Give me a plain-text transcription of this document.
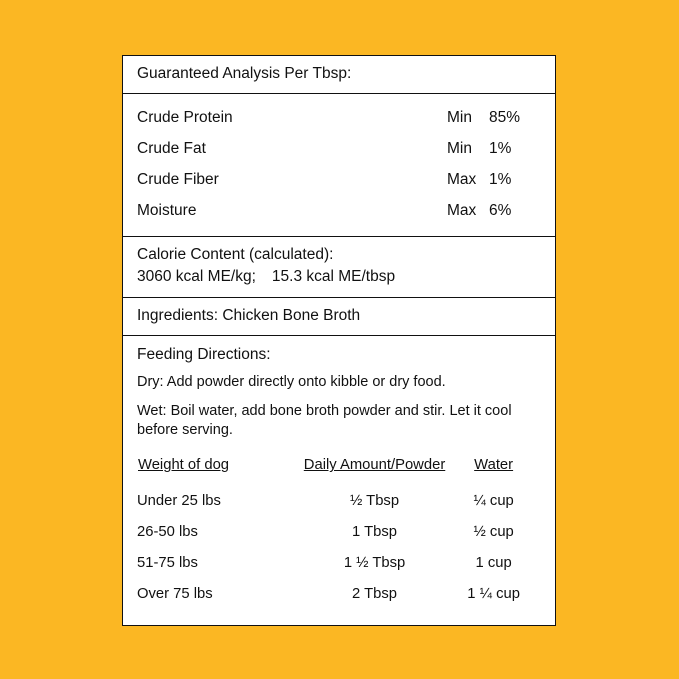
Guaranteed Analysis Per Tbsp:
Crude Protein	Min	85%
Crude Fat	Min	1%
Crude Fiber	Max 1%
Moisture	Max 6%
Calorie Content (calculated):
3060 kcal ME/kg; 15.3 kcal ME/tbsp
Ingredients: Chicken Bone Broth
Feeding Directions:
Dry: Add powder directly onto kibble or dry food.
Wet: Boil water, add bone broth powder and stir. Let it cool before serving.
Weight of dog	Daily Amount/Powder	Water
Under 25 lbs	½ Tbsp	¼ cup
26-50 lbs	1 Tbsp	½ cup
51-75 lbs	1 ½ Tbsp	1 cup
Over 75 lbs	2 Tbsp	1 ¼ cup
